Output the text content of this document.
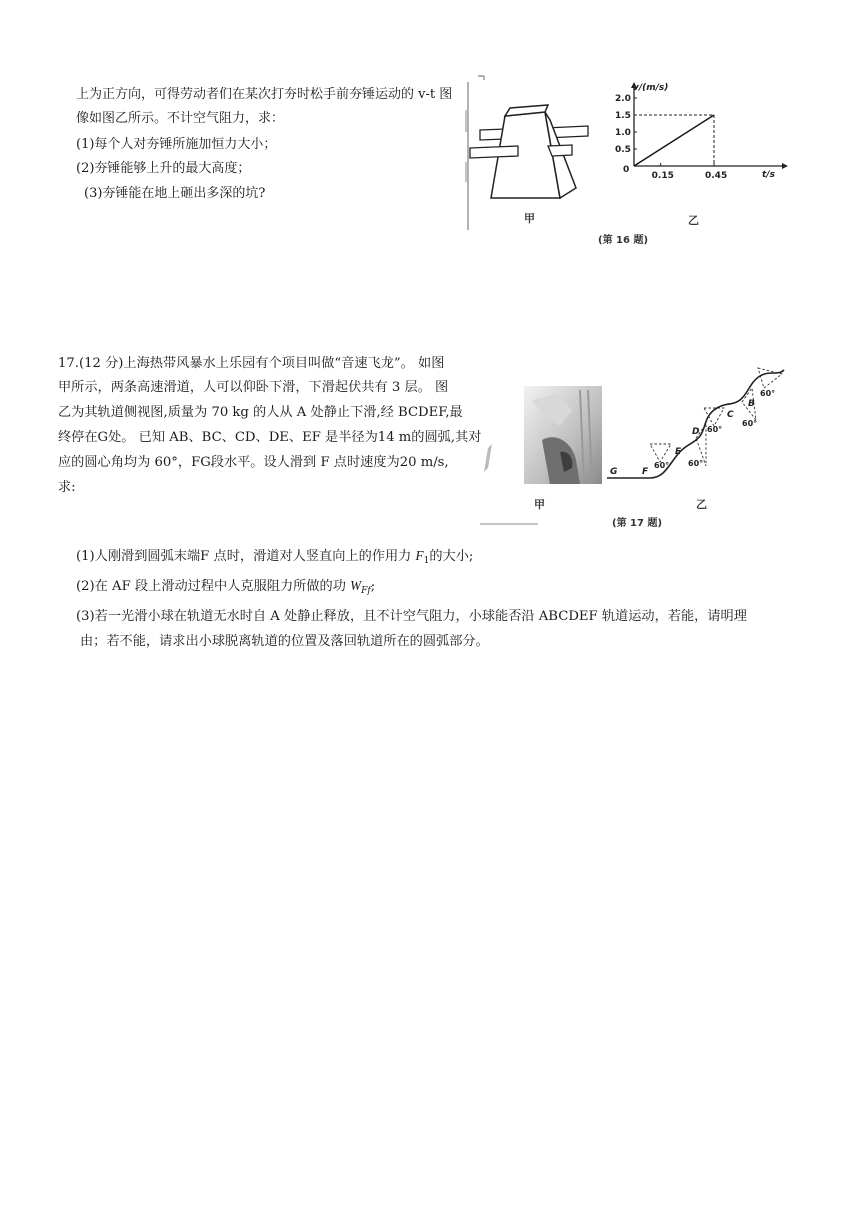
上为正方向，可得劳动者们在某次打夯时松手前夯锤运动的 v-t 图
像如图乙所示。不计空气阻力，求：
(1)每个人对夯锤所施加恒力大小；
(2)夯锤能够上升的最大高度；
(3)夯锤能在地上砸出多深的坑?
甲
2.0
1.5
1.0
0.5
0.15	0.45
v/(m/s)
t/s
0
乙
(第 16 题)
17.(12 分)上海热带风暴水上乐园有个项目叫做“音速飞龙”。 如图
甲所示，两条高速滑道，人可以仰卧下滑，下滑起伏共有 3 层。 图
乙为其轨道侧视图,质量为 70 kg 的人从 A 处静止下滑,经 BCDEF,最
终停在G处。 已知 AB、BC、CD、DE、EF 是半径为14 m的圆弧,其对
应的圆心角均为 60°，FG段水平。设人滑到 F 点时速度为20 m/s,
求:
(1)人刚滑到圆弧末端F 点时，滑道对人竖直向上的作用力 $F_1$的大小;
(2)在 AF 段上滑动过程中人克服阻力所做的功 $W_{Ff}$;
(3)若一光滑小球在轨道无水时自 A 处静止释放，且不计空气阻力，小球能否沿 ABCDEF 轨道运动，若能，请明理
由；若不能，请求出小球脱离轨道的位置及落回轨道所在的圆弧部分。
甲
G	F
E
D
C
B
60° 60°
60°
60°
60°
乙
(第 17 题)
